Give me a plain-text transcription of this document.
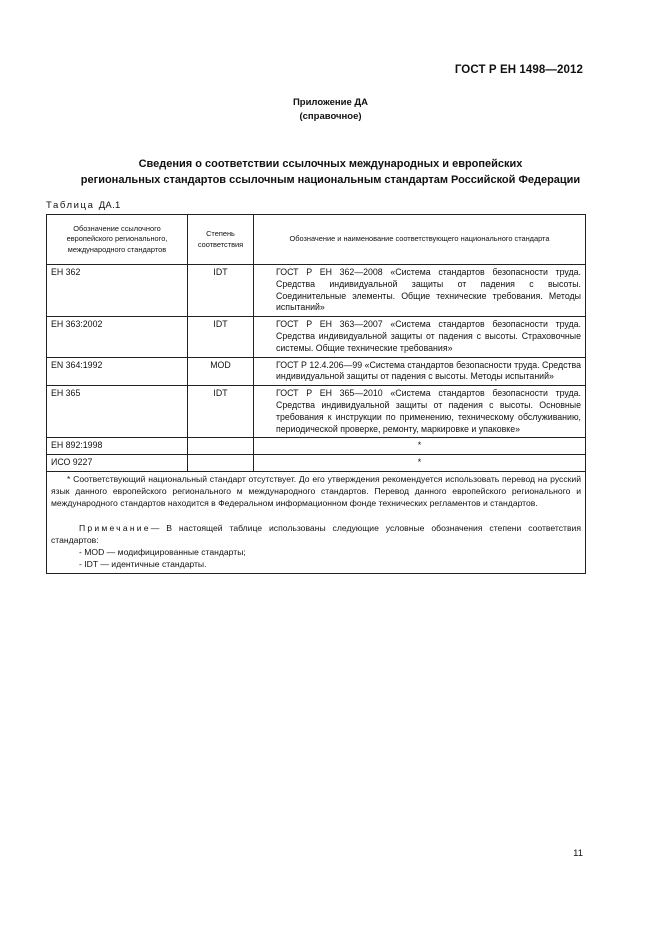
ГОСТ Р ЕН 1498—2012
Приложение ДА
(справочное)
Сведения о соответствии ссылочных международных и европейских
региональных стандартов ссылочным национальным стандартам Российской Федерации
Таблица ДА.1
Обозначение ссылочного европейского регионального, международного стандартов	Степень соответствия	Обозначение и наименование соответствующего национального стандарта
ЕН 362	IDT	ГОСТ Р ЕН 362—2008 «Система стандартов безопасности труда. Средства индивидуальной защиты от падения с высоты. Соединительные элементы. Общие технические требования. Методы испытаний»

ЕН 363:2002	IDT	ГОСТ Р ЕН 363—2007 «Система стандартов безопасности труда. Средства индивидуальной защиты от падения с высоты. Страховочные системы. Общие технические требования»

EN 364:1992	MOD	ГОСТ Р 12.4.206—99 «Система стандартов безопасности труда. Средства индивидуальной защиты от падения с высоты. Методы испытаний»

ЕН 365	IDT	ГОСТ Р ЕН 365—2010 «Система стандартов безопасности труда. Средства индивидуальной защиты от падения с высоты. Основные требования к инструкции по применению, техническому обслуживанию, периодической проверке, ремонту, маркировке и упаковке»

ЕН 892:1998		*
ИСО 9227		*

* Соответствующий национальный стандарт отсутствует. До его утверждения рекомендуется использовать перевод на русский язык данного европейского регионального м международного стандартов. Перевод данного европейского регионального и международного стандартов находится в Федеральном информационном фонде технических регламентов и стандартов.

Примечание— В настоящей таблице использованы следующие условные обозначения степени соответствия стандартов:

- MOD — модифицированные стандарты;
- IDT — идентичные стандарты.		
11
